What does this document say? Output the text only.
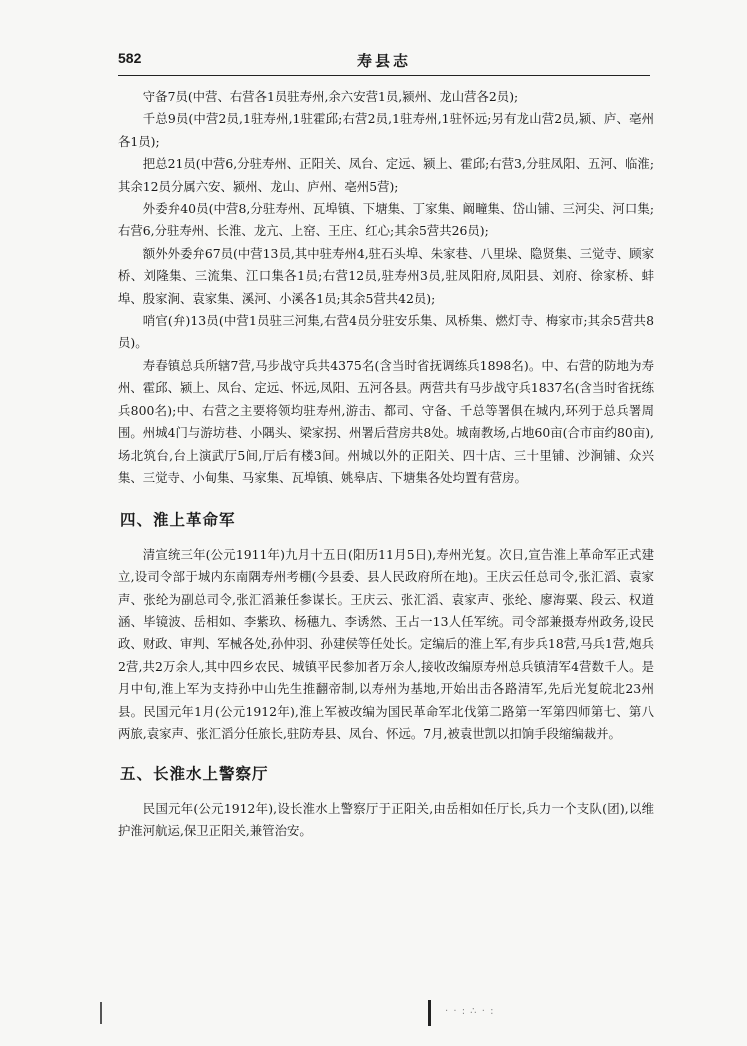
582	寿县志

守备7员(中营、右营各1员驻寿州,余六安营1员,颍州、龙山营各2员);

千总9员(中营2员,1驻寿州,1驻霍邱;右营2员,1驻寿州,1驻怀远;另有龙山营2员,颍、庐、亳州各1员);

把总21员(中营6,分驻寿州、正阳关、凤台、定远、颍上、霍邱;右营3,分驻凤阳、五河、临淮;其余12员分属六安、颍州、龙山、庐州、亳州5营);

外委弁40员(中营8,分驻寿州、瓦埠镇、下塘集、丁家集、阚疃集、岱山铺、三河尖、河口集;右营6,分驻寿州、长淮、龙亢、上窑、王庄、红心;其余5营共26员);

额外外委弁67员(中营13员,其中驻寿州4,驻石头埠、朱家巷、八里垛、隐贤集、三觉寺、顾家桥、刘隆集、三流集、江口集各1员;右营12员,驻寿州3员,驻凤阳府,凤阳县、刘府、徐家桥、蚌埠、殷家涧、袁家集、溪河、小溪各1员;其余5营共42员);

哨官(弁)13员(中营1员驻三河集,右营4员分驻安乐集、凤桥集、燃灯寺、梅家市;其余5营共8员)。

寿春镇总兵所辖7营,马步战守兵共4375名(含当时省抚调练兵1898名)。中、右营的防地为寿州、霍邱、颍上、凤台、定远、怀远,凤阳、五河各县。两营共有马步战守兵1837名(含当时省抚练兵800名);中、右营之主要将领均驻寿州,游击、都司、守备、千总等署俱在城内,环列于总兵署周围。州城4门与游坊巷、小隅头、梁家拐、州署后营房共8处。城南教场,占地60亩(合市亩约80亩),场北筑台,台上演武厅5间,厅后有楼3间。州城以外的正阳关、四十店、三十里铺、沙涧铺、众兴集、三觉寺、小甸集、马家集、瓦埠镇、姚皋店、下塘集各处均置有营房。

四、淮上革命军

清宣统三年(公元1911年)九月十五日(阳历11月5日),寿州光复。次日,宣告淮上革命军正式建立,设司令部于城内东南隅寿州考棚(今县委、县人民政府所在地)。王庆云任总司令,张汇滔、袁家声、张纶为副总司令,张汇滔兼任参谋长。王庆云、张汇滔、袁家声、张纶、廖海粟、段云、权道涵、毕镜波、岳相如、李紫玖、杨穗九、李诱然、王占一13人任军统。司令部兼摄寿州政务,设民政、财政、审判、军械各处,孙仲羽、孙建侯等任处长。定编后的淮上军,有步兵18营,马兵1营,炮兵2营,共2万余人,其中四乡农民、城镇平民参加者万余人,接收改编原寿州总兵镇清军4营数千人。是月中旬,淮上军为支持孙中山先生推翻帝制,以寿州为基地,开始出击各路清军,先后光复皖北23州县。民国元年1月(公元1912年),淮上军被改编为国民革命军北伐第二路第一军第四师第七、第八两旅,袁家声、张汇滔分任旅长,驻防寿县、凤台、怀远。7月,被袁世凯以扣饷手段缩编裁并。

五、长淮水上警察厅

民国元年(公元1912年),设长淮水上警察厅于正阳关,由岳相如任厅长,兵力一个支队(团),以维护淮河航运,保卫正阳关,兼管治安。

· · : ∴ · :
